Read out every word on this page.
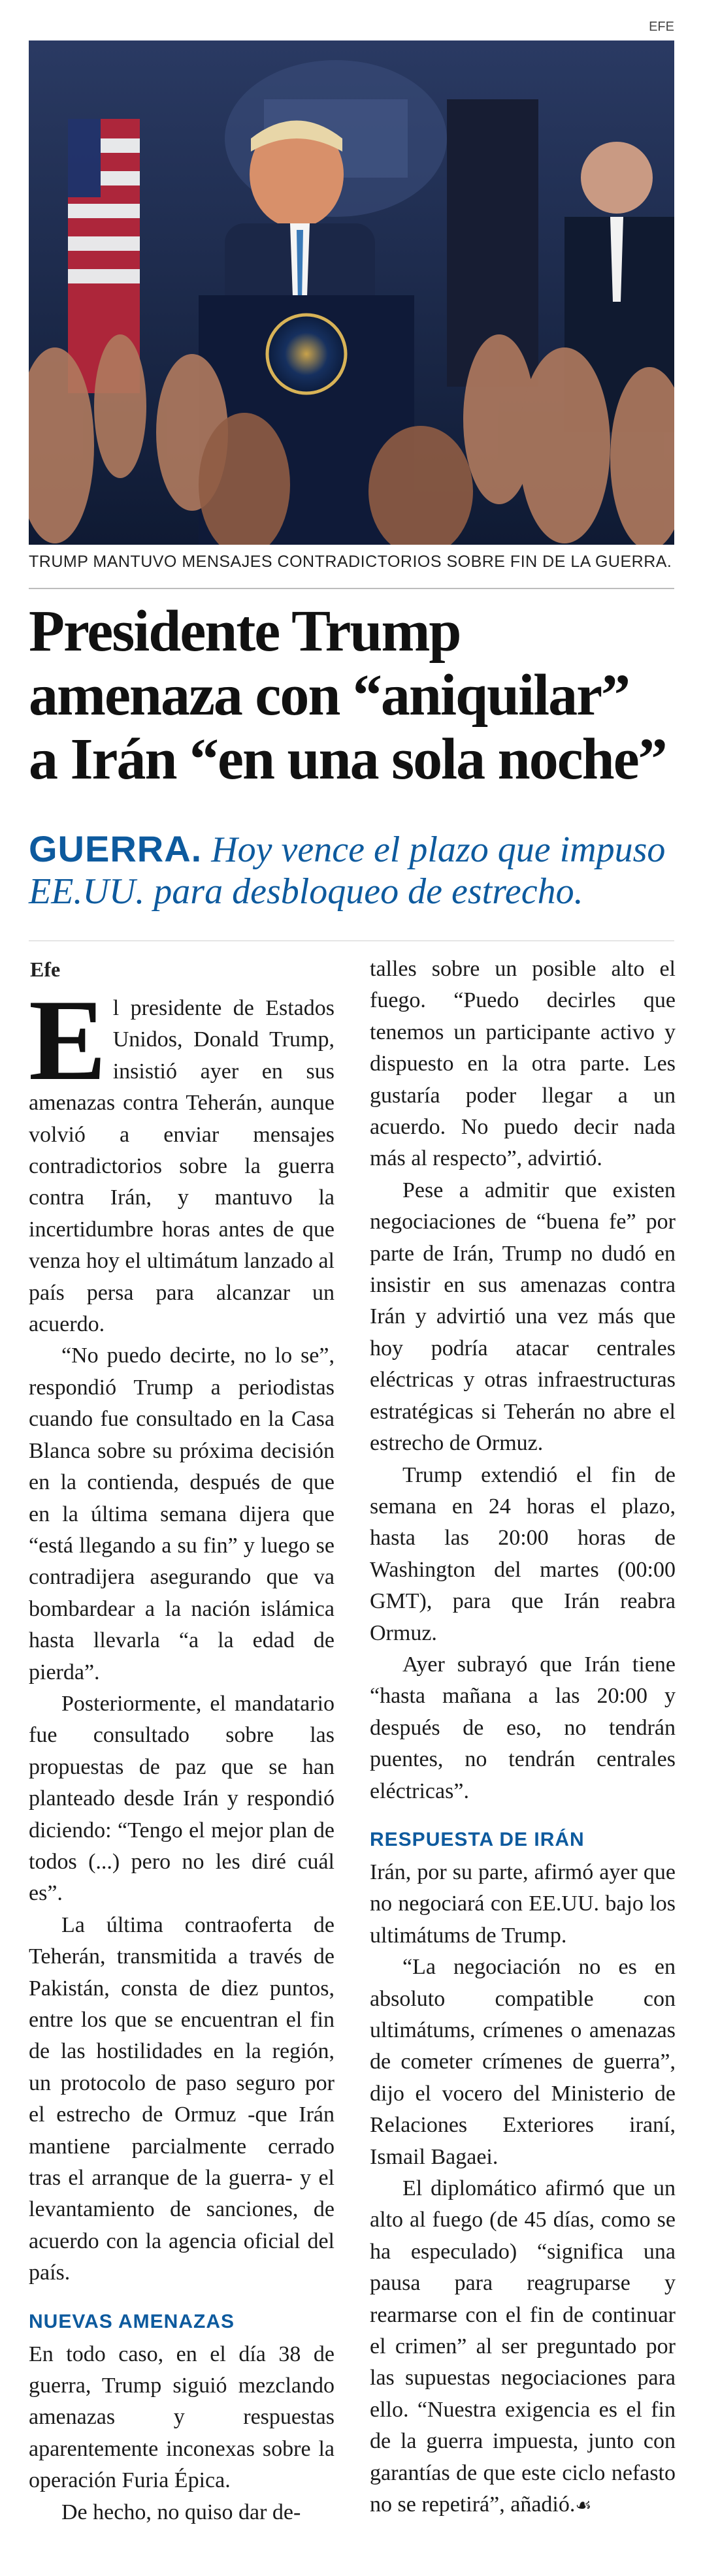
EFE
TRUMP MANTUVO MENSAJES CONTRADICTORIOS SOBRE FIN DE LA GUERRA.
Presidente Trump
amenaza con “aniquilar”
a Irán “en una sola noche”
GUERRA. Hoy vence el plazo que impuso EE.UU. para desbloqueo de estrecho.
Efe

El presidente de Estados Unidos, Donald Trump, insistió ayer en sus amenazas contra Teherán, aunque volvió a enviar mensajes contradictorios sobre la guerra contra Irán, y mantuvo la incertidumbre horas antes de que venza hoy el ultimátum lanzado al país persa para alcanzar un acuerdo.

“No puedo decirte, no lo se”, respondió Trump a periodistas cuando fue consultado en la Casa Blanca sobre su próxima decisión en la contienda, después de que en la última semana dijera que “está llegando a su fin” y luego se contradijera asegurando que va bombardear a la nación islámica hasta llevarla “a la edad de pierda”.

Posteriormente, el mandatario fue consultado sobre las propuestas de paz que se han planteado desde Irán y respondió diciendo: “Tengo el mejor plan de todos (...) pero no les diré cuál es”.

La última contraoferta de Teherán, transmitida a través de Pakistán, consta de diez puntos, entre los que se encuentran el fin de las hostilidades en la región, un protocolo de paso seguro por el estrecho de Ormuz -que Irán mantiene parcialmente cerrado tras el arranque de la guerra- y el levantamiento de sanciones, de acuerdo con la agencia oficial del país.

NUEVAS AMENAZAS

En todo caso, en el día 38 de guerra, Trump siguió mezclando amenazas y respuestas aparentemente inconexas sobre la operación Furia Épica.

De hecho, no quiso dar de-

talles sobre un posible alto el fuego. “Puedo decirles que tenemos un participante activo y dispuesto en la otra parte. Les gustaría poder llegar a un acuerdo. No puedo decir nada más al respecto”, advirtió.

Pese a admitir que existen negociaciones de “buena fe” por parte de Irán, Trump no dudó en insistir en sus amenazas contra Irán y advirtió una vez más que hoy podría atacar centrales eléctricas y otras infraestructuras estratégicas si Teherán no abre el estrecho de Ormuz.

Trump extendió el fin de semana en 24 horas el plazo, hasta las 20:00 horas de Washington del martes (00:00 GMT), para que Irán reabra Ormuz.

Ayer subrayó que Irán tiene “hasta mañana a las 20:00 y después de eso, no tendrán puentes, no tendrán centrales eléctricas”.

RESPUESTA DE IRÁN

Irán, por su parte, afirmó ayer que no negociará con EE.UU. bajo los ultimátums de Trump.

“La negociación no es en absoluto compatible con ultimátums, crímenes o amenazas de cometer crímenes de guerra”, dijo el vocero del Ministerio de Relaciones Exteriores iraní, Ismail Bagaei.

El diplomático afirmó que un alto al fuego (de 45 días, como se ha especulado) “significa una pausa para reagruparse y rearmarse con el fin de continuar el crimen” al ser preguntado por las supuestas negociaciones para ello. “Nuestra exigencia es el fin de la guerra impuesta, junto con garantías de que este ciclo nefasto no se repetirá”, añadió.☙
